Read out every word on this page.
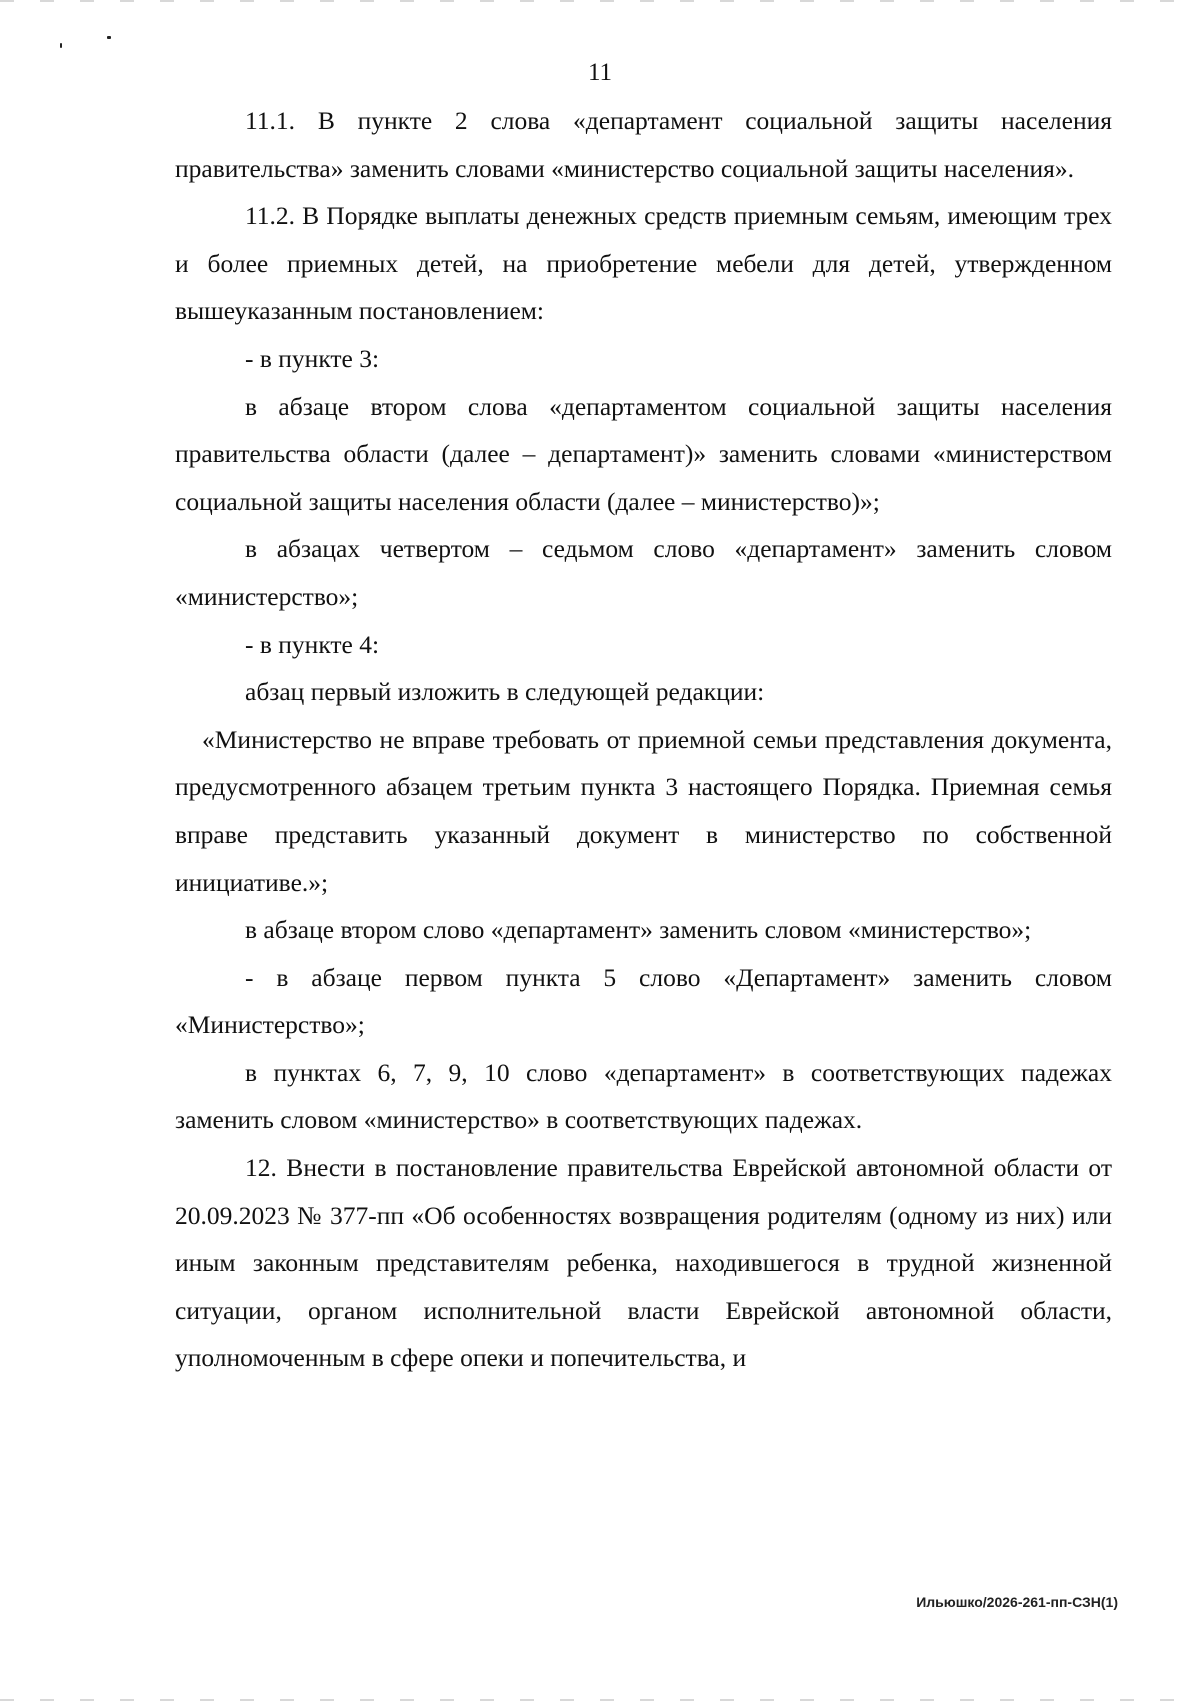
11

11.1. В пункте 2 слова «департамент социальной защиты населения правительства» заменить словами «министерство социальной защиты населения».

11.2. В Порядке выплаты денежных средств приемным семьям, имеющим трех и более приемных детей, на приобретение мебели для детей, утвержденном вышеуказанным постановлением:

- в пункте 3:

в абзаце втором слова «департаментом социальной защиты населения правительства области (далее – департамент)» заменить словами «министерством социальной защиты населения области (далее – министерство)»;

в абзацах четвертом – седьмом слово «департамент» заменить словом «министерство»;

- в пункте 4:

абзац первый изложить в следующей редакции:

«Министерство не вправе требовать от приемной семьи представления документа, предусмотренного абзацем третьим пункта 3 настоящего Порядка. Приемная семья вправе представить указанный документ в министерство по собственной инициативе.»;

в абзаце втором слово «департамент» заменить словом «министерство»;

- в абзаце первом пункта 5 слово «Департамент» заменить словом «Министерство»;

в пунктах 6, 7, 9, 10 слово «департамент» в соответствующих падежах заменить словом «министерство» в соответствующих падежах.

12. Внести в постановление правительства Еврейской автономной области от 20.09.2023 № 377-пп «Об особенностях возвращения родителям (одному из них) или иным законным представителям ребенка, находившегося в трудной жизненной ситуации, органом исполнительной власти Еврейской автономной области, уполномоченным в сфере опеки и попечительства, и

Ильюшко/2026-261-пп-СЗН(1)
